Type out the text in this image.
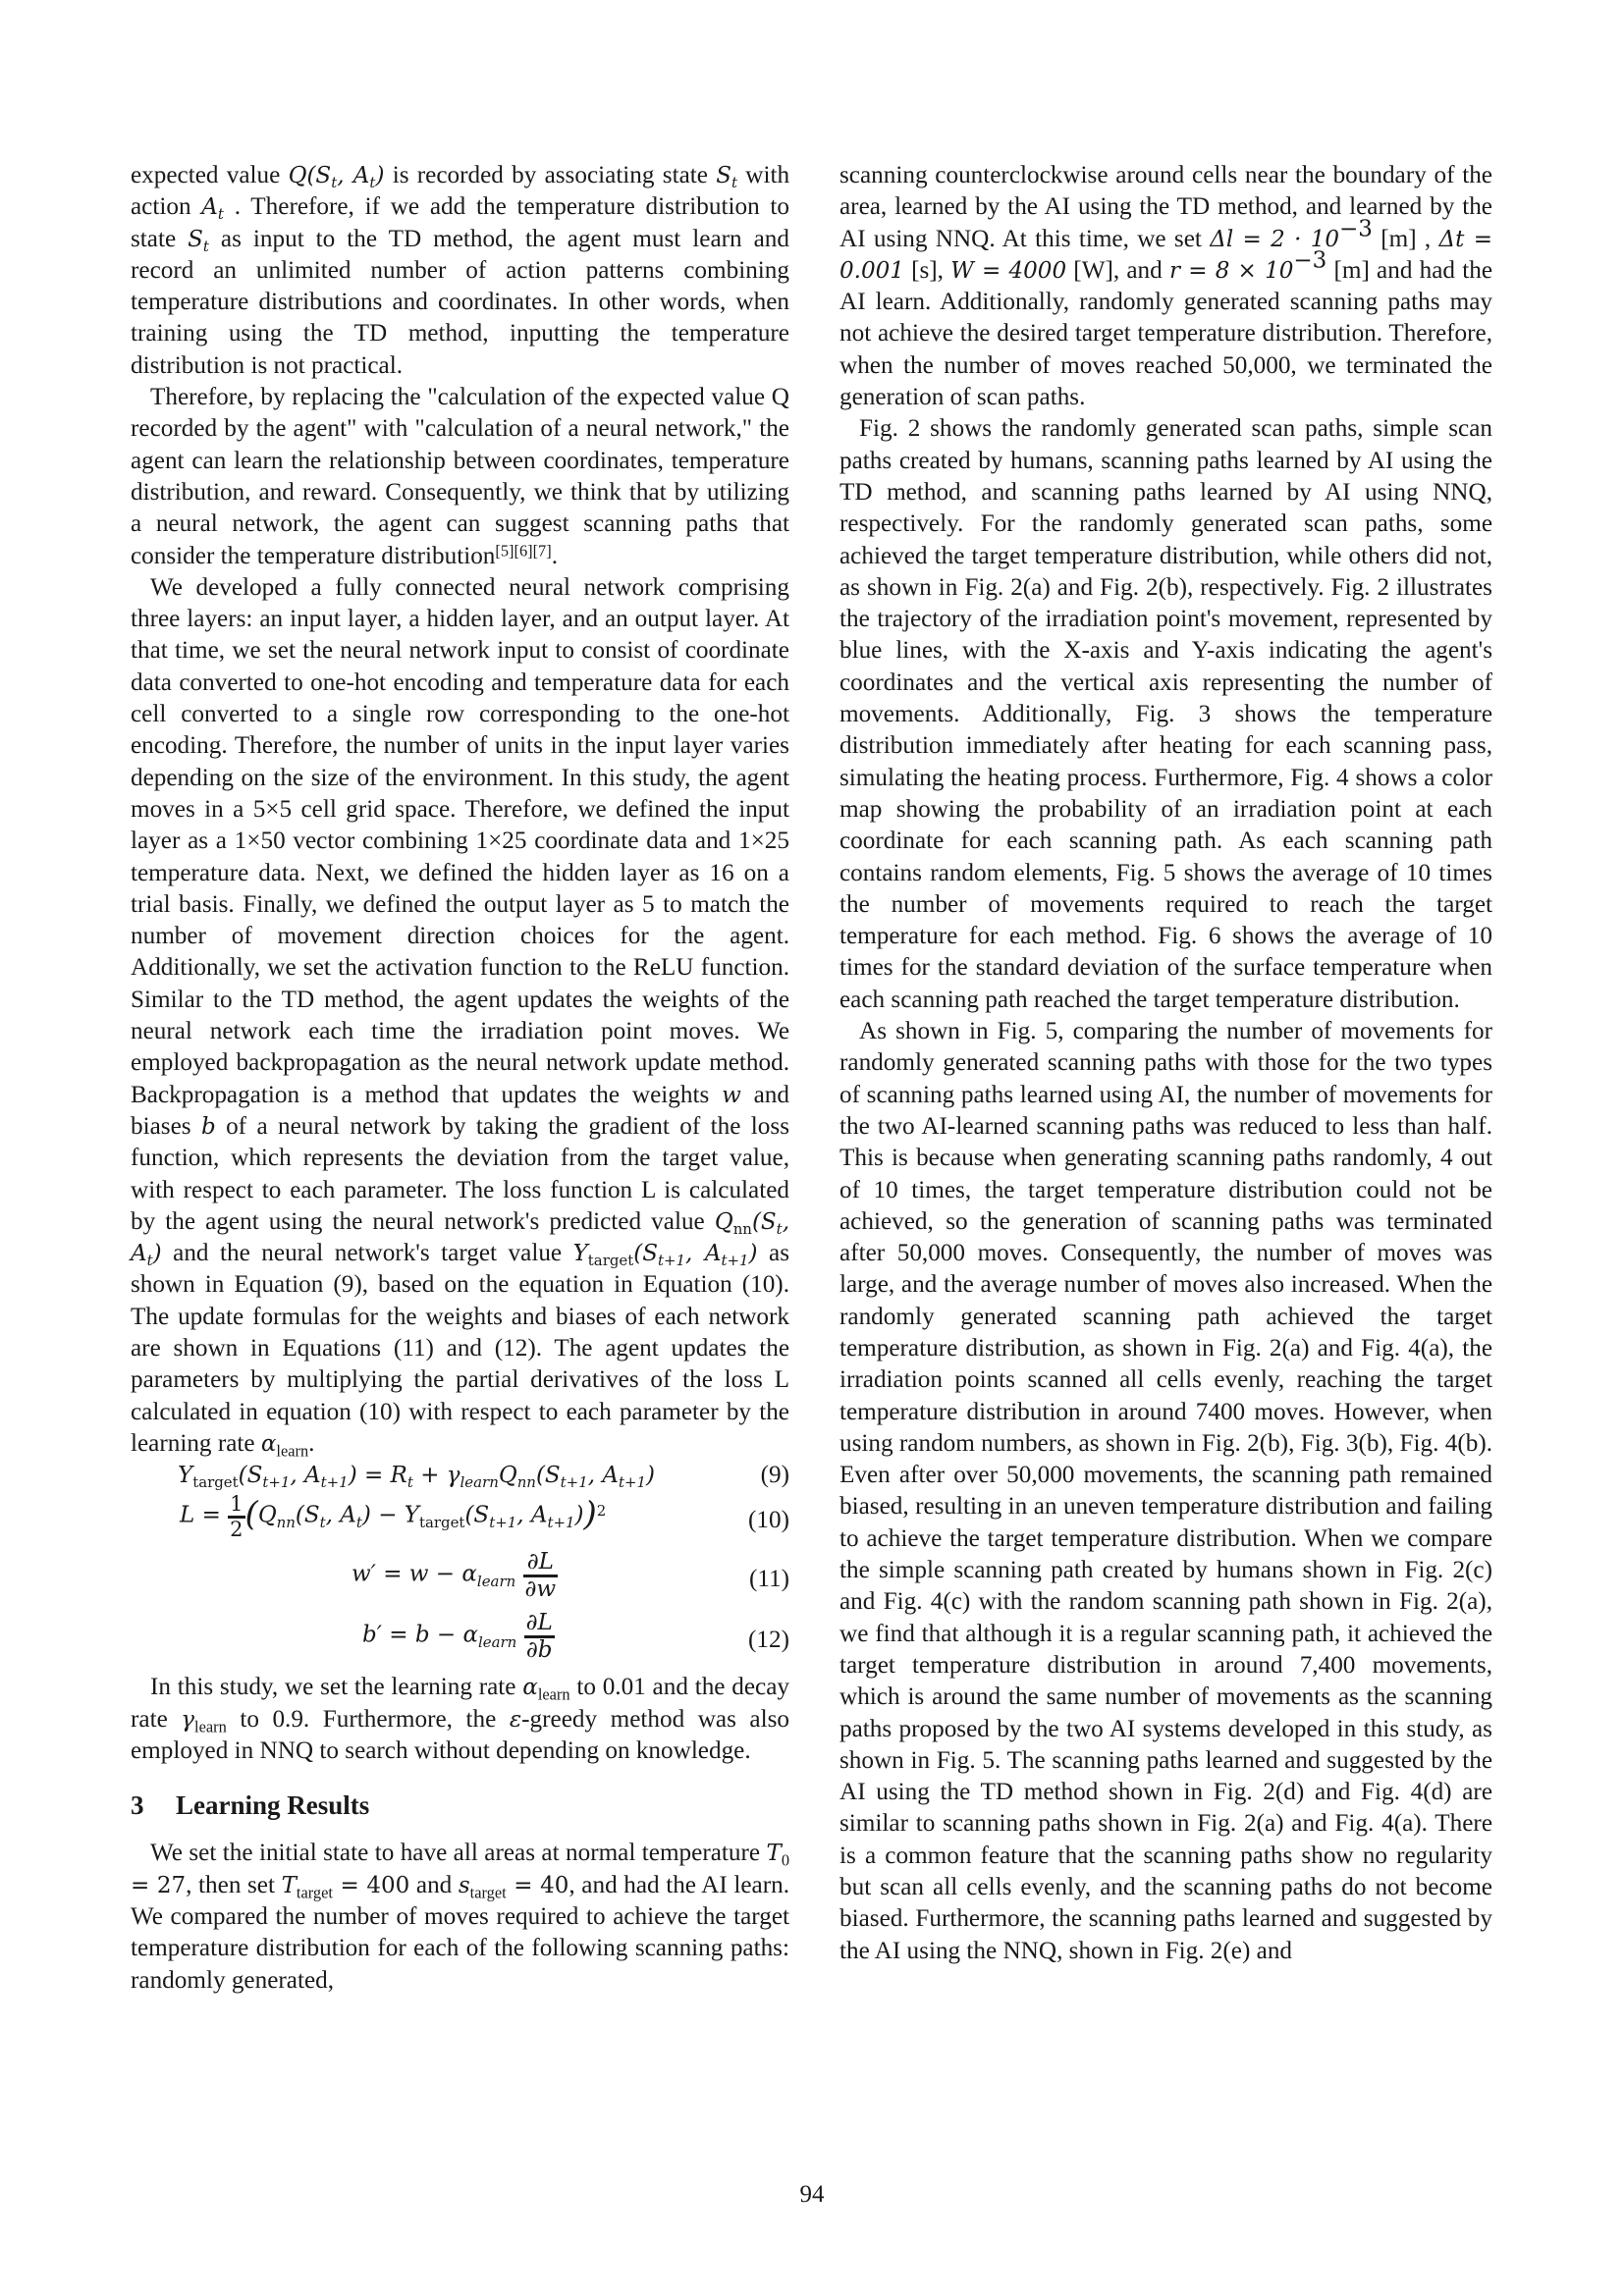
expected value $Q(S_t$, $A_t$) is recorded by associating state $S_t$ with action $A_t$ . Therefore, if we add the temperature distribution to state $S_t$ as input to the TD method, the agent must learn and record an unlimited number of action patterns combining temperature distributions and coordinates. In other words, when training using the TD method, inputting the temperature distribution is not practical.

Therefore, by replacing the "calculation of the expected value Q recorded by the agent" with "calculation of a neural network," the agent can learn the relationship between coordinates, temperature distribution, and reward. Consequently, we think that by utilizing a neural network, the agent can suggest scanning paths that consider the temperature distribution[5][6][7].

We developed a fully connected neural network comprising three layers: an input layer, a hidden layer, and an output layer. At that time, we set the neural network input to consist of coordinate data converted to one-hot encoding and temperature data for each cell converted to a single row corresponding to the one-hot encoding. Therefore, the number of units in the input layer varies depending on the size of the environment. In this study, the agent moves in a 5×5 cell grid space. Therefore, we defined the input layer as a 1×50 vector combining 1×25 coordinate data and 1×25 temperature data. Next, we defined the hidden layer as 16 on a trial basis. Finally, we defined the output layer as 5 to match the number of movement direction choices for the agent. Additionally, we set the activation function to the ReLU function. Similar to the TD method, the agent updates the weights of the neural network each time the irradiation point moves. We employed backpropagation as the neural network update method. Backpropagation is a method that updates the weights w and biases b of a neural network by taking the gradient of the loss function, which represents the deviation from the target value, with respect to each parameter. The loss function L is calculated by the agent using the neural network's predicted value $Q_{nn}(S_t$, $A_t$) and the neural network's target value $Y_{target}(S_{t+1}$, $A_{t+1}$) as shown in Equation (9), based on the equation in Equation (10). The update formulas for the weights and biases of each network are shown in Equations (11) and (12). The agent updates the parameters by multiplying the partial derivatives of the loss L calculated in equation (10) with respect to each parameter by the learning rate $\alpha_{learn}$.

$Y_{target}(S_{t+1}$, $A_{t+1}) = R_t + \gamma_{learn}Q_{nn}(S_{t+1}$, $A_{t+1}$)	(9)
$L = \frac{1}{2} (Q_{nn}(S_t$, $A_t) - Y_{target}(S_{t+1}$, $A_{t+1}))^2$	(10)
$w' = w - \alpha_{learn} \frac{\partial L}{\partial w}$	(11)
$b' = b - \alpha_{learn} \frac{\partial L}{\partial b}$	(12)

In this study, we set the learning rate $\alpha_{learn}$ to 0.01 and the decay rate $\gamma_{learn}$ to 0.9. Furthermore, the ε-greedy method was also employed in NNQ to search without depending on knowledge.

3 Learning Results

We set the initial state to have all areas at normal temperature $T_0 = 27$, then set $T_{target} = 400$ and $s_{target} = 40$, and had the AI learn. We compared the number of moves required to achieve the target temperature distribution for each of the following scanning paths: randomly generated,

scanning counterclockwise around cells near the boundary of the area, learned by the AI using the TD method, and learned by the AI using NNQ. At this time, we set $\Delta l = 2 \cdot 10^{-3}$ [m] , Δt = 0.001 [s], W = 4000 [W], and $r = 8 \times 10^{-3}$ [m] and had the AI learn. Additionally, randomly generated scanning paths may not achieve the desired target temperature distribution. Therefore, when the number of moves reached 50,000, we terminated the generation of scan paths.

Fig. 2 shows the randomly generated scan paths, simple scan paths created by humans, scanning paths learned by AI using the TD method, and scanning paths learned by AI using NNQ, respectively. For the randomly generated scan paths, some achieved the target temperature distribution, while others did not, as shown in Fig. 2(a) and Fig. 2(b), respectively. Fig. 2 illustrates the trajectory of the irradiation point's movement, represented by blue lines, with the X-axis and Y-axis indicating the agent's coordinates and the vertical axis representing the number of movements. Additionally, Fig. 3 shows the temperature distribution immediately after heating for each scanning pass, simulating the heating process. Furthermore, Fig. 4 shows a color map showing the probability of an irradiation point at each coordinate for each scanning path. As each scanning path contains random elements, Fig. 5 shows the average of 10 times the number of movements required to reach the target temperature for each method. Fig. 6 shows the average of 10 times for the standard deviation of the surface temperature when each scanning path reached the target temperature distribution.

As shown in Fig. 5, comparing the number of movements for randomly generated scanning paths with those for the two types of scanning paths learned using AI, the number of movements for the two AI-learned scanning paths was reduced to less than half. This is because when generating scanning paths randomly, 4 out of 10 times, the target temperature distribution could not be achieved, so the generation of scanning paths was terminated after 50,000 moves. Consequently, the number of moves was large, and the average number of moves also increased. When the randomly generated scanning path achieved the target temperature distribution, as shown in Fig. 2(a) and Fig. 4(a), the irradiation points scanned all cells evenly, reaching the target temperature distribution in around 7400 moves. However, when using random numbers, as shown in Fig. 2(b), Fig. 3(b), Fig. 4(b). Even after over 50,000 movements, the scanning path remained biased, resulting in an uneven temperature distribution and failing to achieve the target temperature distribution. When we compare the simple scanning path created by humans shown in Fig. 2(c) and Fig. 4(c) with the random scanning path shown in Fig. 2(a), we find that although it is a regular scanning path, it achieved the target temperature distribution in around 7,400 movements, which is around the same number of movements as the scanning paths proposed by the two AI systems developed in this study, as shown in Fig. 5. The scanning paths learned and suggested by the AI using the TD method shown in Fig. 2(d) and Fig. 4(d) are similar to scanning paths shown in Fig. 2(a) and Fig. 4(a). There is a common feature that the scanning paths show no regularity but scan all cells evenly, and the scanning paths do not become biased. Furthermore, the scanning paths learned and suggested by the AI using the NNQ, shown in Fig. 2(e) and

94
